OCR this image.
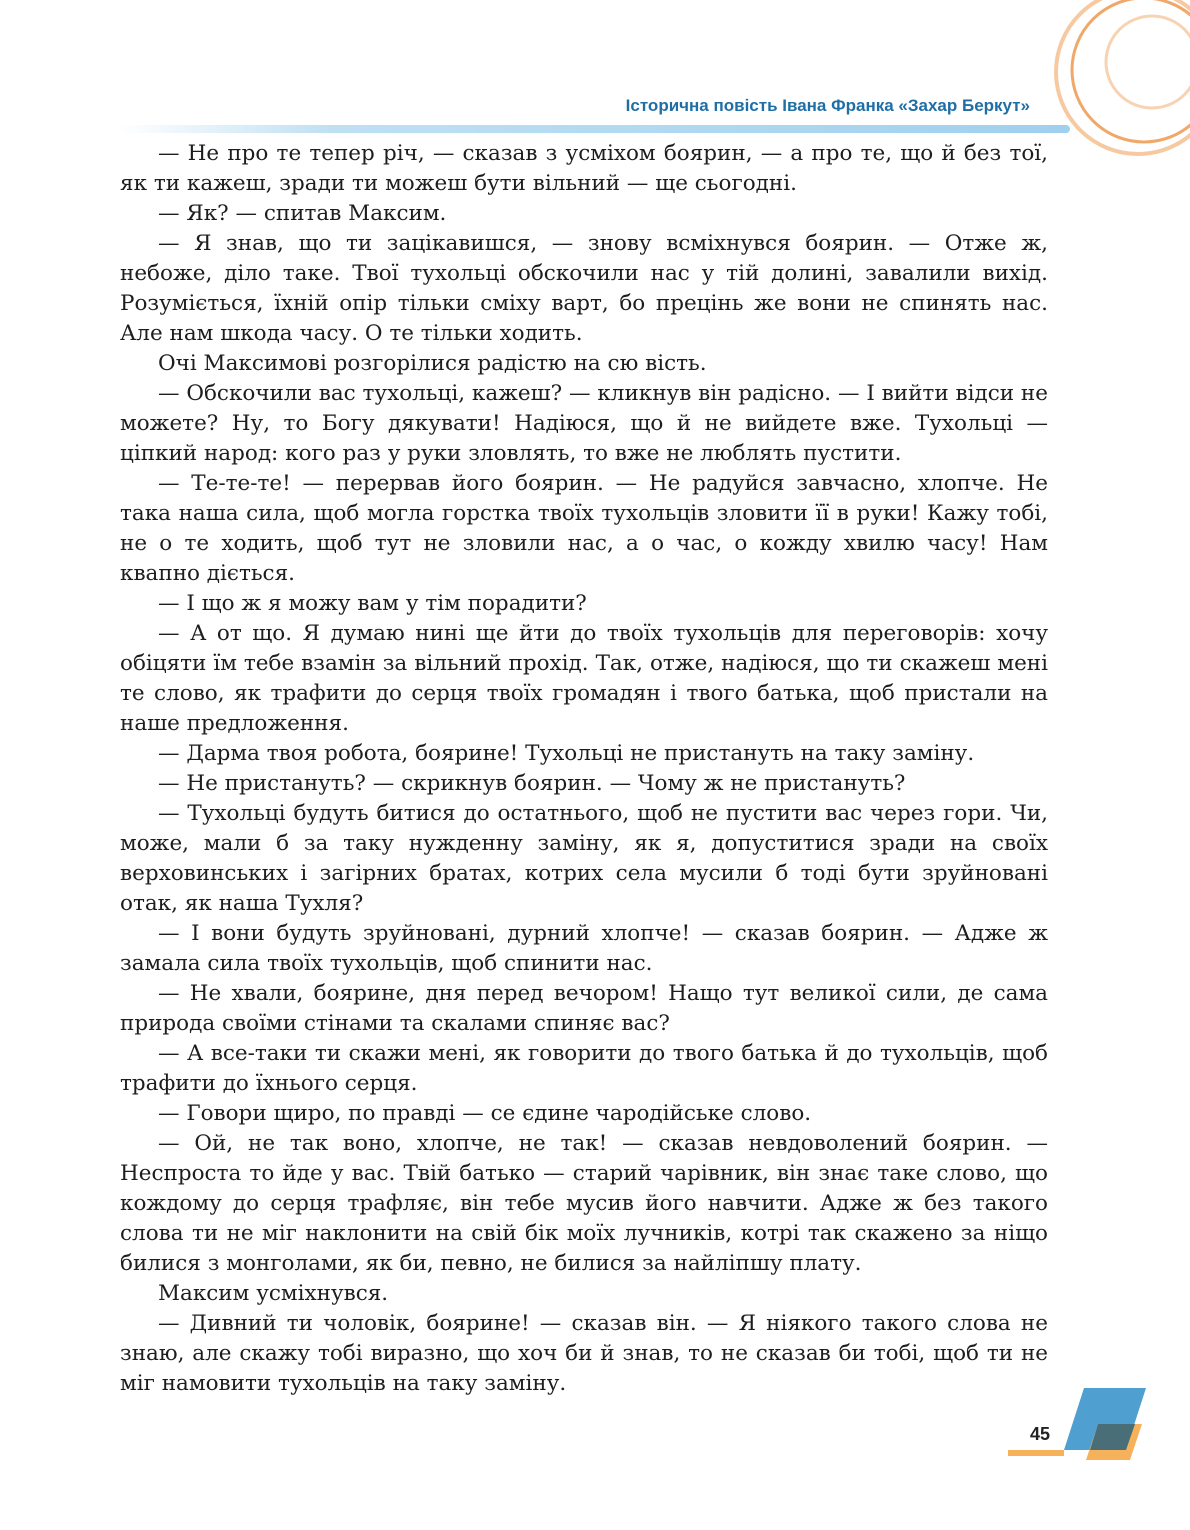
Історична повість Івана Франка «Захар Беркут»

— Не про те тепер річ, — сказав з усміхом боярин, — а про те, що й без тої, як ти кажеш, зради ти можеш бути вільний — ще сьогодні.

— Як? — спитав Максим.

— Я знав, що ти зацікавишся, — знову всміхнувся боярин. — Отже ж, небоже, діло таке. Твої тухольці обскочили нас у тій долині, завалили вихід. Розуміється, їхній опір тільки сміху варт, бо прецінь же вони не спинять нас. Але нам шкода часу. О те тільки ходить.

Очі Максимові розгорілися радістю на сю вість.

— Обскочили вас тухольці, кажеш? — кликнув він радісно. — І вийти відси не можете? Ну, то Богу дякувати! Надіюся, що й не вийдете вже. Тухольці — ціпкий народ: кого раз у руки зловлять, то вже не люблять пустити.

— Те-те-те! — перервав його боярин. — Не радуйся завчасно, хлопче. Не така наша сила, щоб могла горстка твоїх тухольців зловити її в руки! Кажу тобі, не о те ходить, щоб тут не зловили нас, а о час, о кожду хвилю часу! Нам квапно діється.

— І що ж я можу вам у тім порадити?

— А от що. Я думаю нині ще йти до твоїх тухольців для переговорів: хочу обіцяти їм тебе взамін за вільний прохід. Так, отже, надіюся, що ти скажеш мені те слово, як трафити до серця твоїх громадян і твого батька, щоб пристали на наше предложення.

— Дарма твоя робота, боярине! Тухольці не пристануть на таку заміну.

— Не пристануть? — скрикнув боярин. — Чому ж не пристануть?

— Тухольці будуть битися до остатнього, щоб не пустити вас через гори. Чи, може, мали б за таку нужденну заміну, як я, допуститися зради на своїх верховинських і загірних братах, котрих села мусили б тоді бути зруйновані отак, як наша Тухля?

— І вони будуть зруйновані, дурний хлопче! — сказав боярин. — Адже ж замала сила твоїх тухольців, щоб спинити нас.

— Не хвали, боярине, дня перед вечором! Нащо тут великої сили, де сама природа своїми стінами та скалами спиняє вас?

— А все-таки ти скажи мені, як говорити до твого батька й до тухольців, щоб трафити до їхнього серця.

— Говори щиро, по правді — се єдине чародійське слово.

— Ой, не так воно, хлопче, не так! — сказав невдоволений боярин. — Неспроста то йде у вас. Твій батько — старий чарівник, він знає таке слово, що кождому до серця трафляє, він тебе мусив його навчити. Адже ж без такого слова ти не міг наклонити на свій бік моїх лучників, котрі так скажено за ніщо билися з монголами, як би, певно, не билися за найліпшу плату.

Максим усміхнувся.

— Дивний ти чоловік, боярине! — сказав він. — Я ніякого такого слова не знаю, але скажу тобі виразно, що хоч би й знав, то не сказав би тобі, щоб ти не міг намовити тухольців на таку заміну.

45
